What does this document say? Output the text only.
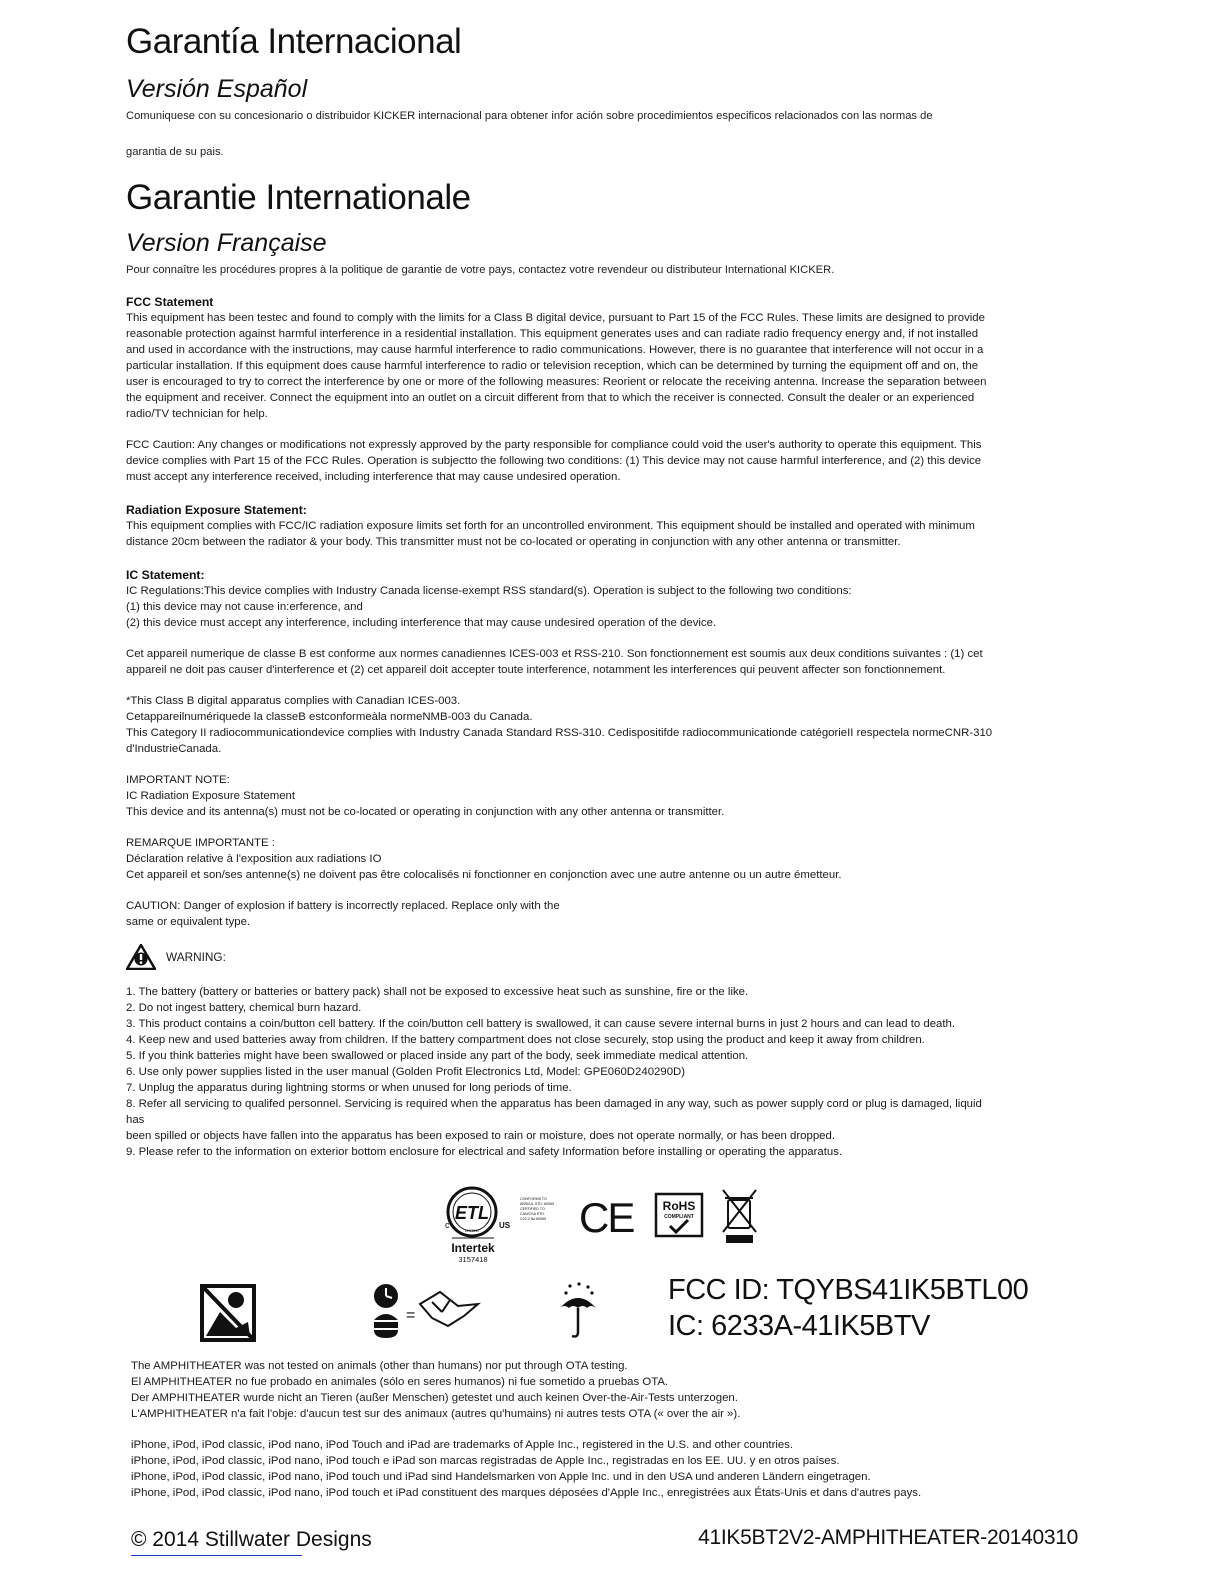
Garantía Internacional

Versión Español

Comuniquese con su concesionario o distribuidor KICKER internacional para obtener infor ación sobre procedimientos especificos relacionados con las normas de

garantia de su pais.

Garantie Internationale

Version Française

Pour connaître les procédures propres à la politique de garantie de votre pays, contactez votre revendeur ou distributeur International KICKER.

FCC Statement

This equipment has been testec and found to comply with the limits for a Class B digital device, pursuant to Part 15 of the FCC Rules. These limits are designed to provide

reasonable protection against harmful interference in a residential installation. This equipment generates uses and can radiate radio frequency energy and, if not installed

and used in accordance with the instructions, may cause harmful interference to radio communications. However, there is no guarantee that interference will not occur in a

particular installation. If this equipment does cause harmful interference to radio or television reception, which can be determined by turning the equipment off and on, the

user is encouraged to try to correct the interference by one or more of the following measures: Reorient or relocate the receiving antenna. Increase the separation between

the equipment and receiver. Connect the equipment into an outlet on a circuit different from that to which the receiver is connected. Consult the dealer or an experienced

radio/TV technician for help.

FCC Caution: Any changes or modifications not expressly approved by the party responsible for compliance could void the user's authority to operate this equipment. This

device complies with Part 15 of the FCC Rules. Operation is subjectto the following two conditions: (1) This device may not cause harmful interference, and (2) this device

must accept any interference received, including interference that may cause undesired operation.

Radiation Exposure Statement:

This equipment complies with FCC/IC radiation exposure limits set forth for an uncontrolled environment. This equipment should be installed and operated with minimum

distance 20cm between the radiator & your body. This transmitter must not be co-located or operating in conjunction with any other antenna or transmitter.

IC Statement:

IC Regulations:This device complies with Industry Canada license-exempt RSS standard(s). Operation is subject to the following two conditions:

(1) this device may not cause in:erference, and

(2) this device must accept any interference, including interference that may cause undesired operation of the device.

Cet appareil numerique de classe B est conforme aux normes canadiennes ICES-003 et RSS-210. Son fonctionnement est soumis aux deux conditions suivantes : (1) cet

appareil ne doit pas causer d'interference et (2) cet appareil doit accepter toute interference, notamment les interferences qui peuvent affecter son fonctionnement.

*This Class B digital apparatus complies with Canadian ICES-003.

Cetappareilnumériquede la classeB estconformeàla normeNMB-003 du Canada.

This Category II radiocommunicationdevice complies with Industry Canada Standard RSS-310. Cedispositifde radiocommunicationde catégorieII respectela normeCNR-310

d'IndustrieCanada.

IMPORTANT NOTE:

IC Radiation Exposure Statement

This device and its antenna(s) must not be co-located or operating in conjunction with any other antenna or transmitter.

REMARQUE IMPORTANTE :

Déclaration relative à l'exposition aux radiations IO

Cet appareil et son/ses antenne(s) ne doivent pas être colocalisés ni fonctionner en conjonction avec une autre antenne ou un autre émetteur.

CAUTION: Danger of explosion if battery is incorrectly replaced. Replace only with the

same or equivalent type.

WARNING:
1. The battery (battery or batteries or battery pack) shall not be exposed to excessive heat such as sunshine, fire or the like.
2. Do not ingest battery, chemical burn hazard.
3. This product contains a coin/button cell battery. If the coin/button cell battery is swallowed, it can cause severe internal burns in just 2 hours and can lead to death.
4. Keep new and used batteries away from children. If the battery compartment does not close securely, stop using the product and keep it away from children.
5. If you think batteries might have been swallowed or placed inside any part of the body, seek immediate medical attention.
6. Use only power supplies listed in the user manual (Golden Profit Electronics Ltd, Model: GPE060D240290D)
7. Unplug the apparatus during lightning storms or when unused for long periods of time.
8. Refer all servicing to qualifed personnel. Servicing is required when the apparatus has been damaged in any way, such as power supply cord or plug is damaged, liquid
has
been spilled or objects have fallen into the apparatus has been exposed to rain or moisture, does not operate normally, or has been dropped.
9. Please refer to the information on exterior bottom enclosure for electrical and safety Information before installing or operating the apparatus.
ETL
LISTED
c	US
Intertek
3157418
CONFORMS TO
ANSI/UL STD. 60065
CERTIFIED TO
CAN/CSA STD.
C22.2 No.60065 CE RoHS
COMPLIANT
=
FCC ID: TQYBS41IK5BTL00
IC: 6233A-41IK5BTV

The AMPHITHEATER was not tested on animals (other than humans) nor put through OTA testing.

El AMPHITHEATER no fue probado en animales (sólo en seres humanos) ni fue sometido a pruebas OTA.

Der AMPHITHEATER wurde nicht an Tieren (außer Menschen) getestet und auch keinen Over-the-Air-Tests unterzogen.

L'AMPHITHEATER n'a fait l'obje: d'aucun test sur des animaux (autres qu'humains) ni autres tests OTA (« over the air »).

iPhone, iPod, iPod classic, iPod nano, iPod Touch and iPad are trademarks of Apple Inc., registered in the U.S. and other countries.

iPhone, iPod, iPod classic, iPod nano, iPod touch e iPad son marcas registradas de Apple Inc., registradas en los EE. UU. y en otros países.

iPhone, iPod, iPod classic, iPod nano, iPod touch und iPad sind Handelsmarken von Apple Inc. und in den USA und anderen Ländern eingetragen.

iPhone, iPod, iPod classic, iPod nano, iPod touch et iPad constituent des marques déposées d'Apple Inc., enregistrées aux États-Unis et dans d'autres pays.

© 2014 Stillwater Designs	41IK5BT2V2-AMPHITHEATER-20140310
